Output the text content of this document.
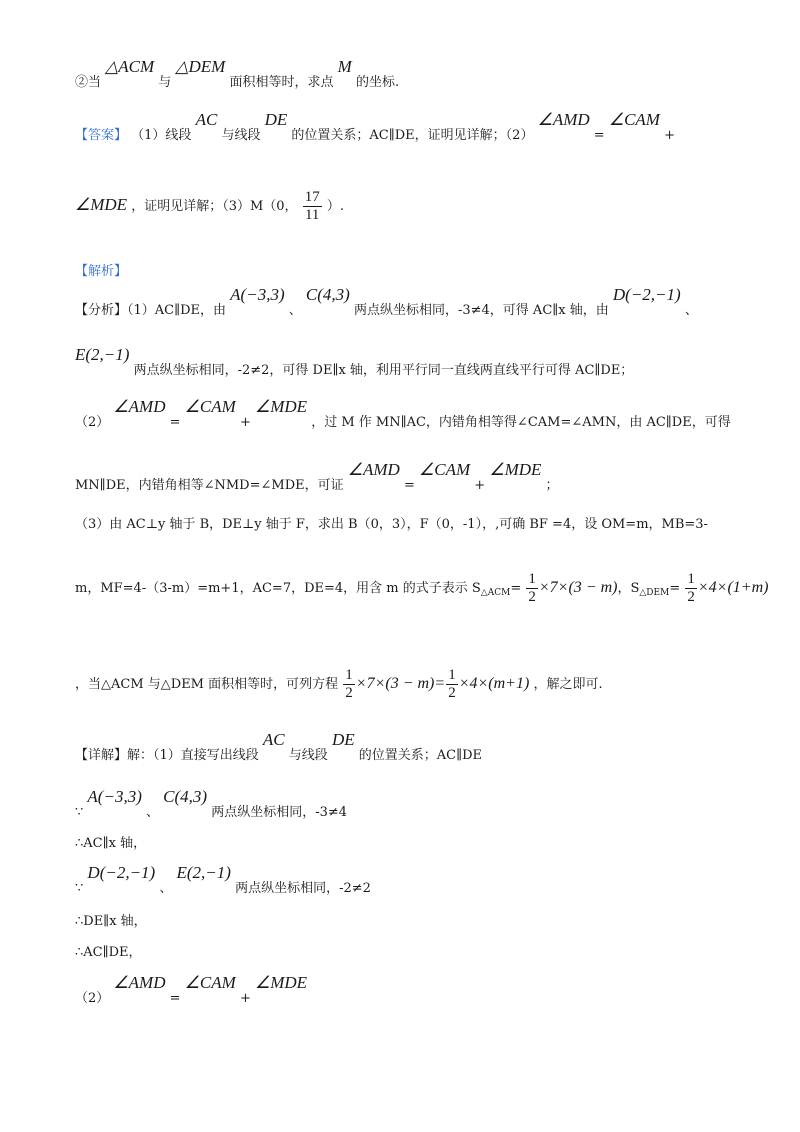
②当 △ACM 与 △DEM 面积相等时，求点 M 的坐标.
【答案】 （1）线段 AC 与线段 DE 的位置关系；AC∥DE，证明见详解；（2） ∠AMD = ∠CAM +
∠MDE ，证明见详解；（3）M（0， $\frac{17}{11}$ ）.
【解析】
【分析】（1）AC∥DE，由 A(−3,3) 、 C(4,3) 两点纵坐标相同，-3≠4，可得 AC∥x 轴，由 D(−2,−1) 、
E(2,−1) 两点纵坐标相同，-2≠2，可得 DE∥x 轴，利用平行同一直线两直线平行可得 AC∥DE；
（2） ∠AMD = ∠CAM + ∠MDE ，过 M 作 MN∥AC，内错角相等得∠CAM=∠AMN，由 AC∥DE，可得
MN∥DE，内错角相等∠NMD=∠MDE，可证 ∠AMD = ∠CAM + ∠MDE ；
（3）由 AC⊥y 轴于 B，DE⊥y 轴于 F，求出 B（0，3），F（0，-1），,可确 BF =4，设 OM=m，MB=3-
m，MF=4-（3-m）=m+1，AC=7，DE=4，用含 m 的式子表示 $S_{\triangle ACM}= \frac{1}{2} \times 7\times(3 - m)$，$S_{\triangle DEM}= \frac{1}{2} \times 4\times(1+m)$
，当△ACM 与△DEM 面积相等时，可列方程 $\frac{1}{2} \times 7\times(3 - m)= \frac{1}{2} \times 4\times(m+1)$ ，解之即可.
【详解】解：（1）直接写出线段 AC 与线段 DE 的位置关系；AC∥DE
∵ A(−3,3) 、 C(4,3) 两点纵坐标相同，-3≠4
∴AC∥x 轴，
∵ D(−2,−1) 、 E(2,−1) 两点纵坐标相同，-2≠2
∴DE∥x 轴，
∴AC∥DE，
（2） ∠AMD = ∠CAM + ∠MDE
